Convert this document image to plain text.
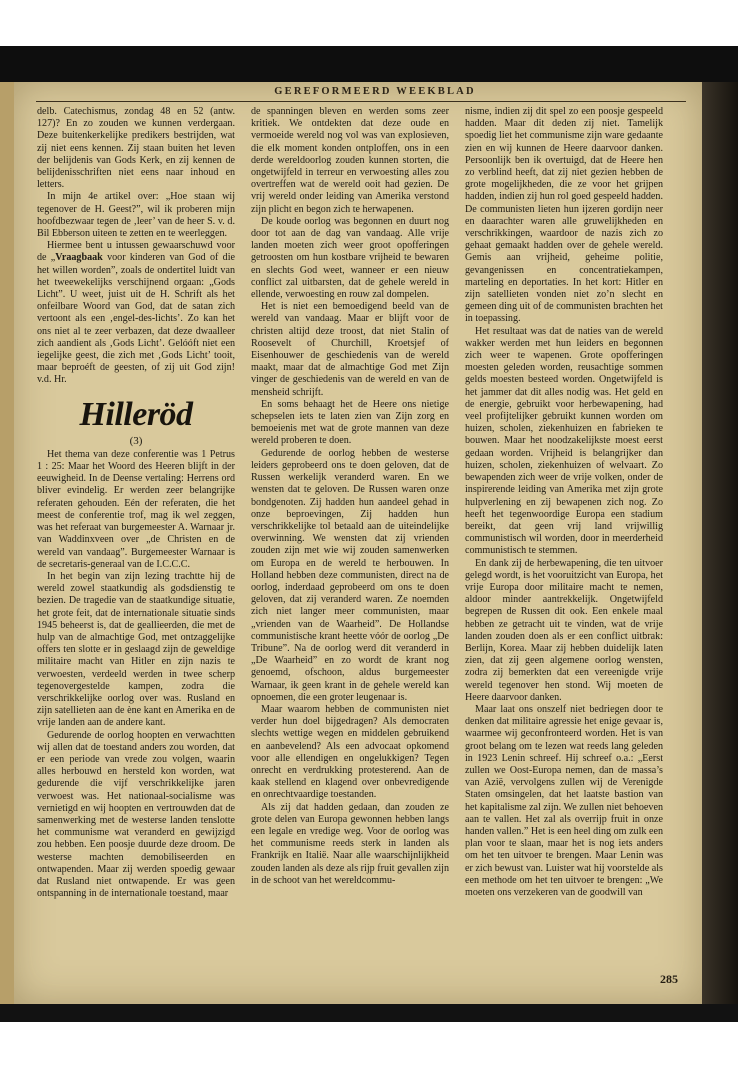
GEREFORMEERD WEEKBLAD

delb. Catechismus, zondag 48 en 52 (antw. 127)? En zo zouden we kunnen verdergaan. Deze buitenkerkelijke predikers bestrijden, wat zij niet eens kennen. Zij staan buiten het leven der belijdenis van Gods Kerk, en zij kennen de belijdenisschriften niet eens naar inhoud en letters.

In mijn 4e artikel over: „Hoe staan wij tegenover de H. Geest?”, wil ik proberen mijn hoofdbezwaar tegen de ‚leer’ van de heer S. v. d. Bil Ebberson uiteen te zetten en te weerleggen.

Hiermee bent u intussen gewaarschuwd voor de „Vraagbaak voor kinderen van God of die het willen worden”, zoals de ondertitel luidt van het tweewekelijks verschijnend orgaan: „Gods Licht”. U weet, juist uit de H. Schrift als het onfeilbare Woord van God, dat de satan zich vertoont als een ‚engel-des-lichts’. Zo kan het ons niet al te zeer verbazen, dat deze dwaalleer zich aandient als ‚Gods Licht’. Gelóóft niet een iegelijke geest, die zich met ‚Gods Licht’ tooit, maar beproéft de geesten, of zij uit God zijn! v.d. Hr.

Hilleröd
(3)

Het thema van deze conferentie was 1 Petrus 1 : 25: Maar het Woord des Heeren blijft in der eeuwigheid. In de Deense vertaling: Herrens ord bliver evindelig. Er werden zeer belangrijke referaten gehouden. Eén der referaten, die het meest de conferentie trof, mag ik wel zeggen, was het referaat van burgemeester A. Warnaar jr. van Waddinxveen over „de Christen en de wereld van vandaag”. Burgemeester Warnaar is de secretaris-generaal van de I.C.C.C.

In het begin van zijn lezing trachtte hij de wereld zowel staatkundig als godsdienstig te bezien. De tragedie van de staatkundige situatie, het grote feit, dat de internationale situatie sinds 1945 beheerst is, dat de geallieerden, die met de hulp van de almachtige God, met ontzaggelijke offers ten slotte er in geslaagd zijn de geweldige militaire macht van Hitler en zijn nazis te verwoesten, verdeeld werden in twee scherp tegenovergestelde kampen, zodra die verschrikkelijke oorlog over was. Rusland en zijn satellieten aan de ène kant en Amerika en de vrije landen aan de andere kant.

Gedurende de oorlog hoopten en verwachtten wij allen dat de toestand anders zou worden, dat er een periode van vrede zou volgen, waarin alles herbouwd en hersteld kon worden, wat gedurende die vijf verschrikkelijke jaren verwoest was. Het nationaal-socialisme was vernietigd en wij hoopten en vertrouwden dat de samenwerking met de westerse landen tenslotte het communisme wat veranderd en gewijzigd zou hebben. Een poosje duurde deze droom. De westerse machten demobiliseerden en ontwapenden. Maar zij werden spoedig gewaar dat Rusland niet ontwapende. Er was geen ontspanning in de internationale toestand, maar

de spanningen bleven en werden soms zeer kritiek. We ontdekten dat deze oude en vermoeide wereld nog vol was van explosieven, die elk moment konden ontploffen, ons in een derde wereldoorlog zouden kunnen storten, die ongetwijfeld in terreur en verwoesting alles zou overtreffen wat de wereld ooit had gezien. De vrij wereld onder leiding van Amerika verstond zijn plicht en begon zich te herwapenen.

De koude oorlog was begonnen en duurt nog door tot aan de dag van vandaag. Alle vrije landen moeten zich weer groot opofferingen getroosten om hun kostbare vrijheid te bewaren en slechts God weet, wanneer er een nieuw conflict zal uitbarsten, dat de gehele wereld in ellende, verwoesting en rouw zal dompelen.

Het is niet een bemoedigend beeld van de wereld van vandaag. Maar er blijft voor de christen altijd deze troost, dat niet Stalin of Roosevelt of Churchill, Kroetsjef of Eisenhouwer de geschiedenis van de wereld maakt, maar dat de almachtige God met Zijn vinger de geschiedenis van de wereld en van de mensheid schrijft.

En soms behaagt het de Heere ons nietige schepselen iets te laten zien van Zijn zorg en bemoeienis met wat de grote mannen van deze wereld proberen te doen.

Gedurende de oorlog hebben de westerse leiders geprobeerd ons te doen geloven, dat de Russen werkelijk veranderd waren. En we wensten dat te geloven. De Russen waren onze bondgenoten. Zij hadden hun aandeel gehad in onze beproevingen, Zij hadden hun verschrikkelijke tol betaald aan de uiteindelijke overwinning. We wensten dat zij vrienden zouden zijn met wie wij zouden samenwerken om Europa en de wereld te herbouwen. In Holland hebben deze communisten, direct na de oorlog, inderdaad geprobeerd om ons te doen geloven, dat zij veranderd waren. Ze noemden zich niet langer meer communisten, maar „vrienden van de Waarheid”. De Hollandse communistische krant heette vóór de oorlog „De Tribune”. Na de oorlog werd dit veranderd in „De Waarheid” en zo wordt de krant nog genoemd, ofschoon, aldus burgemeester Warnaar, ik geen krant in de gehele wereld kan opnoemen, die een groter leugenaar is.

Maar waarom hebben de communisten niet verder hun doel bijgedragen? Als democraten slechts wettige wegen en middelen gebruikend en aanbevelend? Als een advocaat opkomend voor alle ellendigen en ongelukkigen? Tegen onrecht en verdrukking protesterend. Aan de kaak stellend en klagend over onbevredigende en onrechtvaardige toestanden.

Als zij dat hadden gedaan, dan zouden ze grote delen van Europa gewonnen hebben langs een legale en vredige weg. Voor de oorlog was het communisme reeds sterk in landen als Frankrijk en Italië. Naar alle waarschijnlijkheid zouden landen als deze als rijp fruit gevallen zijn in de schoot van het wereldcommu-

nisme, indien zij dit spel zo een poosje gespeeld hadden. Maar dit deden zij niet. Tamelijk spoedig liet het communisme zijn ware gedaante zien en wij kunnen de Heere daarvoor danken. Persoonlijk ben ik overtuigd, dat de Heere hen zo verblind heeft, dat zij niet gezien hebben de grote mogelijkheden, die ze voor het grijpen hadden, indien zij hun rol goed gespeeld hadden. De communisten lieten hun ijzeren gordijn neer en daarachter waren alle gruwelijkheden en verschrikkingen, waardoor de nazis zich zo gehaat gemaakt hadden over de gehele wereld. Gemis aan vrijheid, geheime politie, gevangenissen en concentratiekampen, marteling en deportaties. In het kort: Hitler en zijn satellieten vonden niet zo’n slecht en gemeen ding uit of de communisten brachten het in toepassing.

Het resultaat was dat de naties van de wereld wakker werden met hun leiders en begonnen zich weer te wapenen. Grote opofferingen moesten geleden worden, reusachtige sommen gelds moesten besteed worden. Ongetwijfeld is het jammer dat dit alles nodig was. Het geld en de energie, gebruikt voor herbewapening, had veel profijtelijker gebruikt kunnen worden om huizen, scholen, ziekenhuizen en fabrieken te bouwen. Maar het noodzakelijkste moest eerst gedaan worden. Vrijheid is belangrijker dan huizen, scholen, ziekenhuizen of welvaart. Zo bewapenden zich weer de vrije volken, onder de inspirerende leiding van Amerika met zijn grote hulpverlening en zij bewapenen zich nog. Zo heeft het tegenwoordige Europa een stadium bereikt, dat geen vrij land vrijwillig communistisch wil worden, door in meerderheid communistisch te stemmen.

En dank zij de herbewapening, die ten uitvoer gelegd wordt, is het vooruitzicht van Europa, het vrije Europa door militaire macht te nemen, aldoor minder aantrekkelijk. Ongetwijfeld begrepen de Russen dit ook. Een enkele maal hebben ze getracht uit te vinden, wat de vrije landen zouden doen als er een conflict uitbrak: Berlijn, Korea. Maar zij hebben duidelijk laten zien, dat zij geen algemene oorlog wensten, zodra zij bemerkten dat een vereenigde vrije wereld tegenover hen stond. Wij moeten de Heere daarvoor danken.

Maar laat ons onszelf niet bedriegen door te denken dat militaire agressie het enige gevaar is, waarmee wij geconfronteerd worden. Het is van groot belang om te lezen wat reeds lang geleden in 1923 Lenin schreef. Hij schreef o.a.: „Eerst zullen we Oost-Europa nemen, dan de massa’s van Azië, vervolgens zullen wij de Verenigde Staten omsingelen, dat het laatste bastion van het kapitalisme zal zijn. We zullen niet behoeven aan te vallen. Het zal als overrijp fruit in onze handen vallen.” Het is een heel ding om zulk een plan voor te slaan, maar het is nog iets anders om het ten uitvoer te brengen. Maar Lenin was er zich bewust van. Luister wat hij voorstelde als een methode om het ten uitvoer te brengen: „We moeten ons verzekeren van de goodwill van

285
